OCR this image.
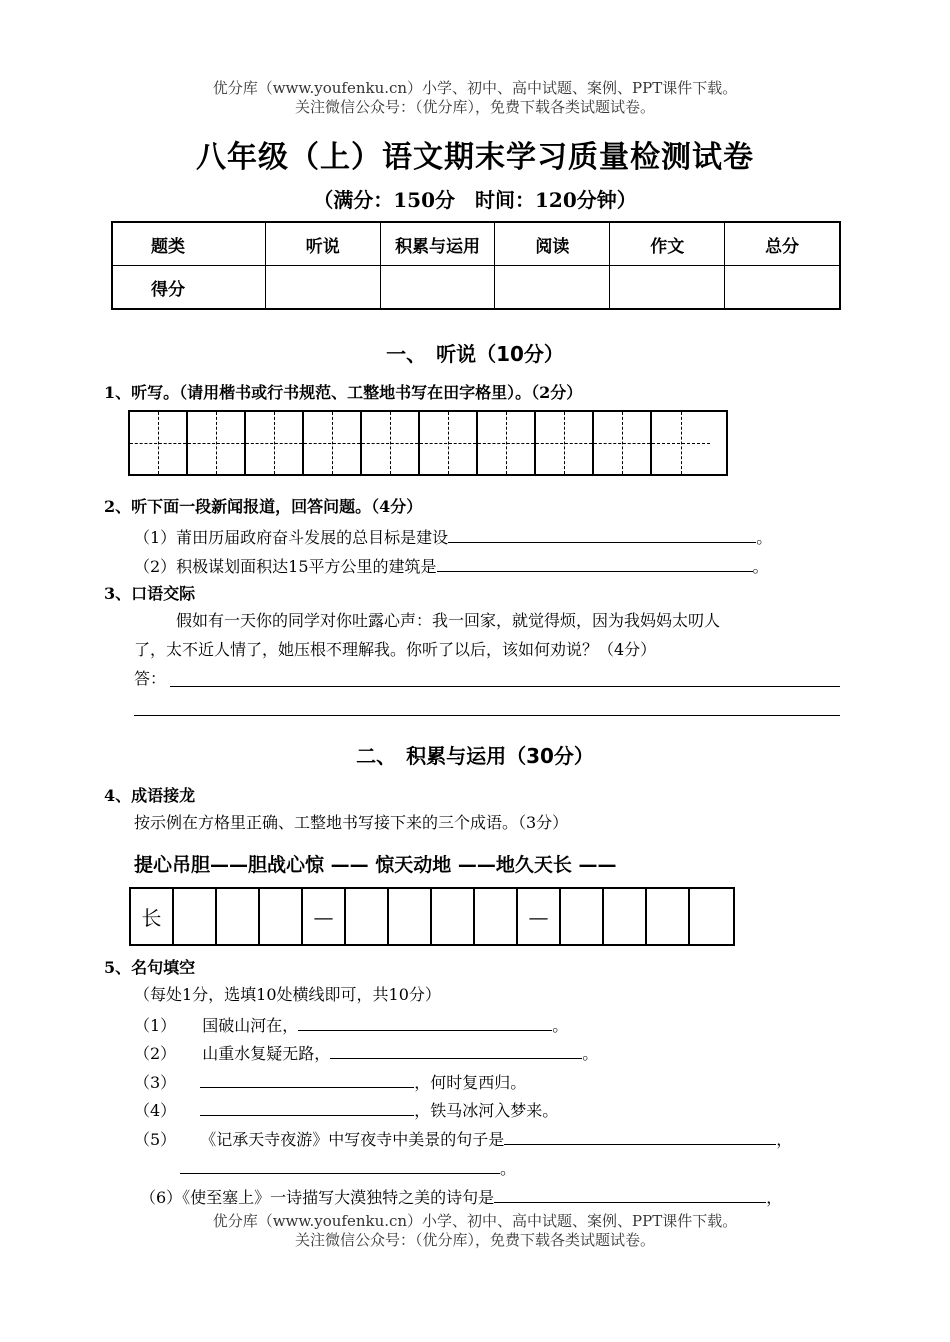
优分库（www.youfenku.cn）小学、初中、高中试题、案例、PPT课件下载。
关注微信公众号：（优分库），免费下载各类试题试卷。
八年级（上）语文期末学习质量检测试卷
（满分：150分　时间：120分钟）
题类	听说	积累与运用	阅读	作文	总分
得分					
一、　听说（10分）
1、听写。（请用楷书或行书规范、工整地书写在田字格里）。（2分）
2、听下面一段新闻报道，回答问题。（4分）
（1）莆田历届政府奋斗发展的总目标是建设	。
（2）积极谋划面积达15平方公里的建筑是	。
3、口语交际
假如有一天你的同学对你吐露心声：我一回家，就觉得烦，因为我妈妈太叨人
了，太不近人情了，她压根不理解我。你听了以后，该如何劝说？（4分）
答：
二、　积累与运用（30分）
4、成语接龙
按示例在方格里正确、工整地书写接下来的三个成语。（3分）
提心吊胆——胆战心惊 —— 惊天动地 ——地久天长 ——
长	—	—
5、名句填空
（每处1分，选填10处横线即可，共10分）
（1） 国破山河在，	。
（2） 山重水复疑无路，	。
（3）	，何时复西归。
（4）	，铁马冰河入梦来。
（5） 《记承天寺夜游》中写夜寺中美景的句子是	，
。
（6）《使至塞上》一诗描写大漠独特之美的诗句是	，
优分库（www.youfenku.cn）小学、初中、高中试题、案例、PPT课件下载。
关注微信公众号：（优分库），免费下载各类试题试卷。
